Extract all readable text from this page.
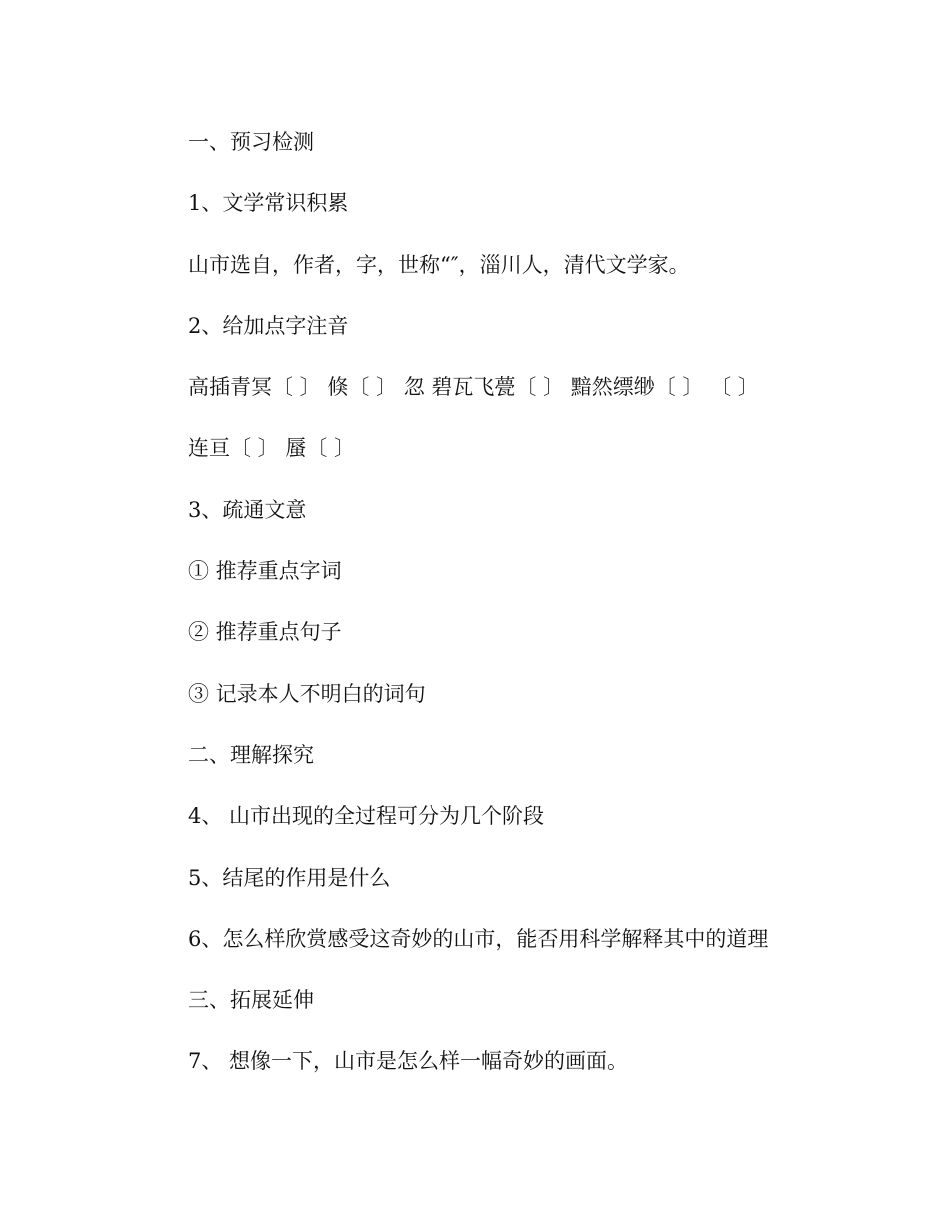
一、预习检测
1、文学常识积累
山市选自，作者，字，世称“″，淄川人，清代文学家。
2、给加点字注音
高插青冥〔 〕 倏〔 〕 忽 碧瓦飞甍〔 〕 黯然缥缈〔 〕 〔 〕
连亘〔 〕 蜃〔 〕
3、疏通文意
① 推荐重点字词
② 推荐重点句子
③ 记录本人不明白的词句
二、理解探究
4、 山市出现的全过程可分为几个阶段
5、结尾的作用是什么
6、怎么样欣赏感受这奇妙的山市，能否用科学解释其中的道理
三、拓展延伸
7、 想像一下，山市是怎么样一幅奇妙的画面。
